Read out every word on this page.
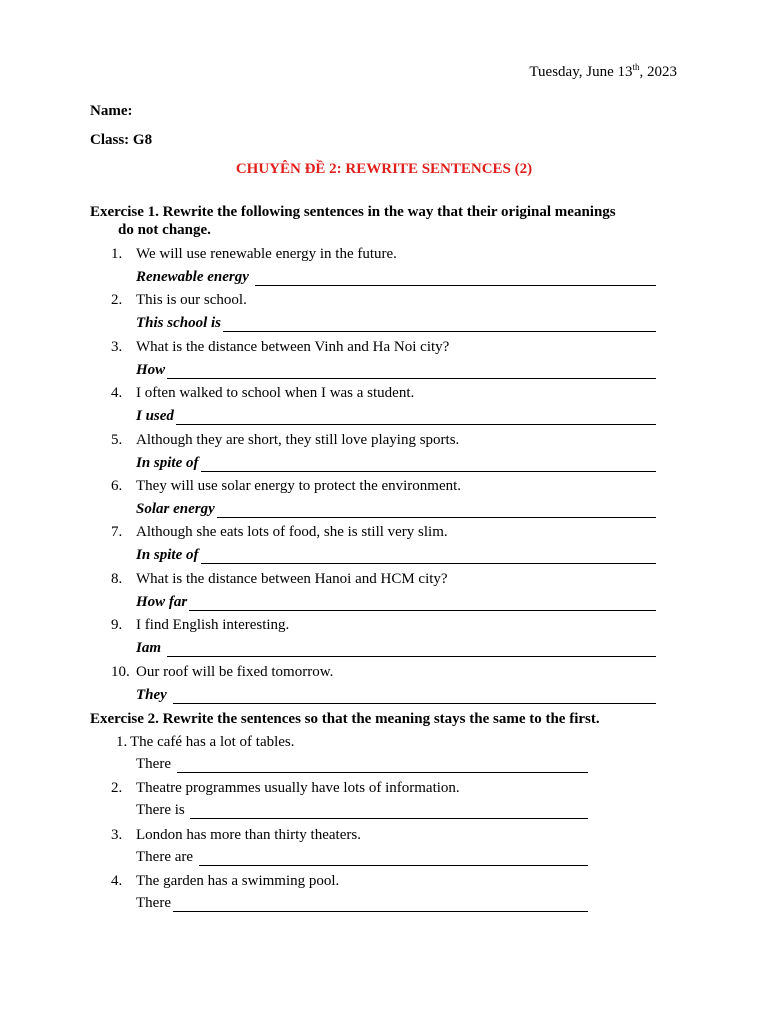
Tuesday, June 13th, 2023
Name:
Class: G8
CHUYÊN ĐỀ 2: REWRITE SENTENCES (2)
Exercise 1. Rewrite the following sentences in the way that their original meanings
do not change.
1. We will use renewable energy in the future.
Renewable energy
2. This is our school.
This school is
3. What is the distance between Vinh and Ha Noi city?
How
4. I often walked to school when I was a student.
I used
5. Although they are short, they still love playing sports.
In spite of
6. They will use solar energy to protect the environment.
Solar energy
7. Although she eats lots of food, she is still very slim.
In spite of
8. What is the distance between Hanoi and HCM city?
How far
9. I find English interesting.
Iam
10. Our roof will be fixed tomorrow.
They
Exercise 2. Rewrite the sentences so that the meaning stays the same to the first.
1. The café has a lot of tables.
There
2. Theatre programmes usually have lots of information.
There is
3. London has more than thirty theaters.
There are
4. The garden has a swimming pool.
There
